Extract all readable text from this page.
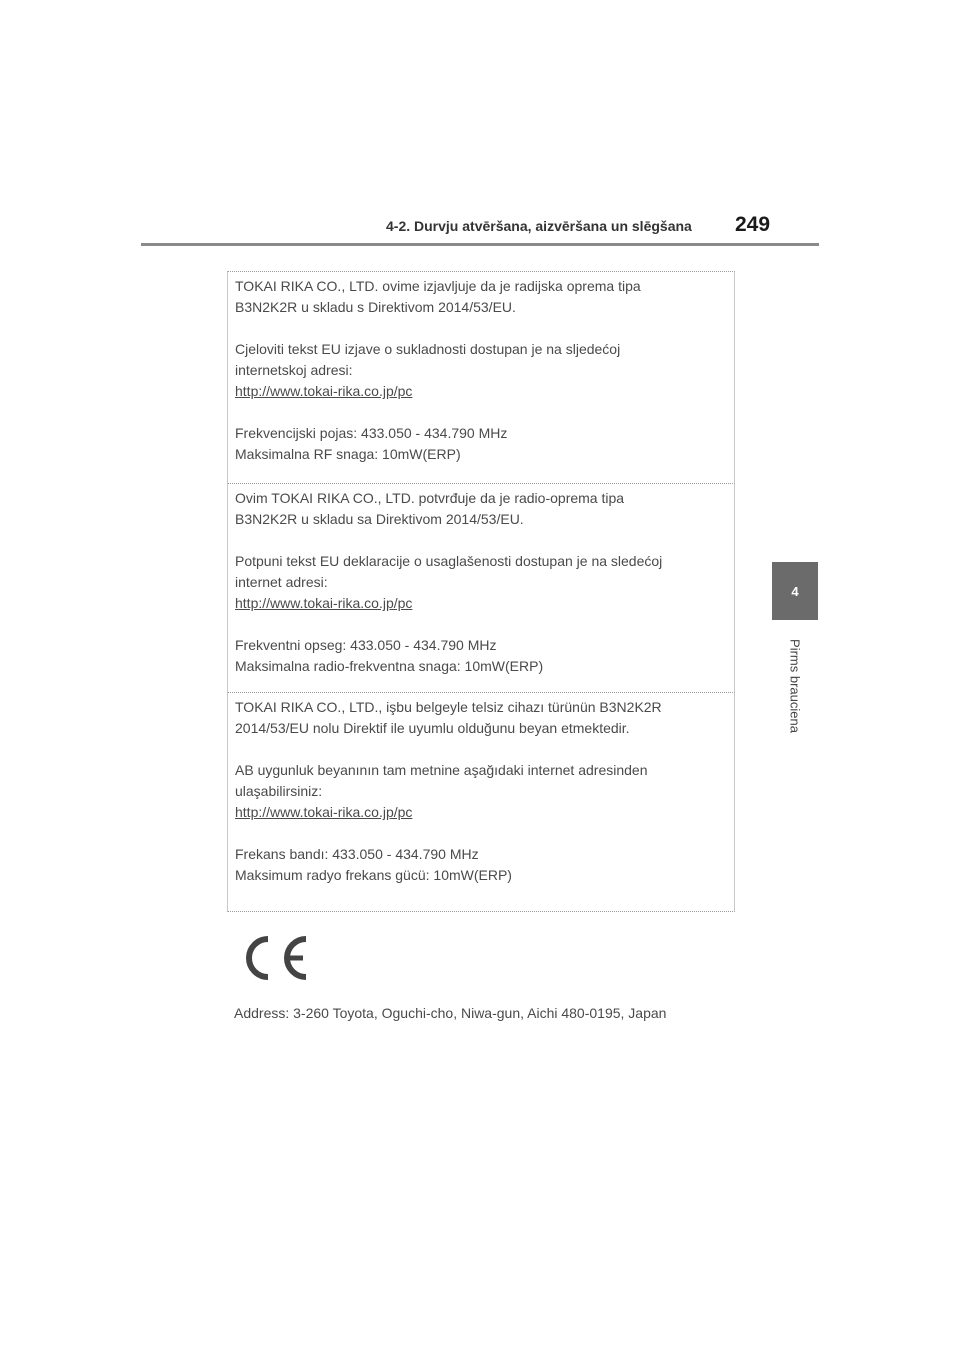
4-2. Durvju atvēršana, aizvēršana un slēgšana 249
4
Pirms brauciena

TOKAI RIKA CO., LTD. ovime izjavljuje da je radijska oprema tipa

B3N2K2R u skladu s Direktivom 2014/53/EU.

Cjeloviti tekst EU izjave o sukladnosti dostupan je na sljedećoj

internetskoj adresi:

http://www.tokai-rika.co.jp/pc

Frekvencijski pojas: 433.050 - 434.790 MHz

Maksimalna RF snaga: 10mW(ERP)

Ovim TOKAI RIKA CO., LTD. potvrđuje da je radio-oprema tipa

B3N2K2R u skladu sa Direktivom 2014/53/EU.

Potpuni tekst EU deklaracije o usaglašenosti dostupan je na sledećoj

internet adresi:

http://www.tokai-rika.co.jp/pc

Frekventni opseg: 433.050 - 434.790 MHz

Maksimalna radio-frekventna snaga: 10mW(ERP)

TOKAI RIKA CO., LTD., işbu belgeyle telsiz cihazı türünün B3N2K2R

2014/53/EU nolu Direktif ile uyumlu olduğunu beyan etmektedir.

AB uygunluk beyanının tam metnine aşağıdaki internet adresinden

ulaşabilirsiniz:

http://www.tokai-rika.co.jp/pc

Frekans bandı: 433.050 - 434.790 MHz

Maksimum radyo frekans gücü: 10mW(ERP)

Address: 3-260 Toyota, Oguchi-cho, Niwa-gun, Aichi 480-0195, Japan
